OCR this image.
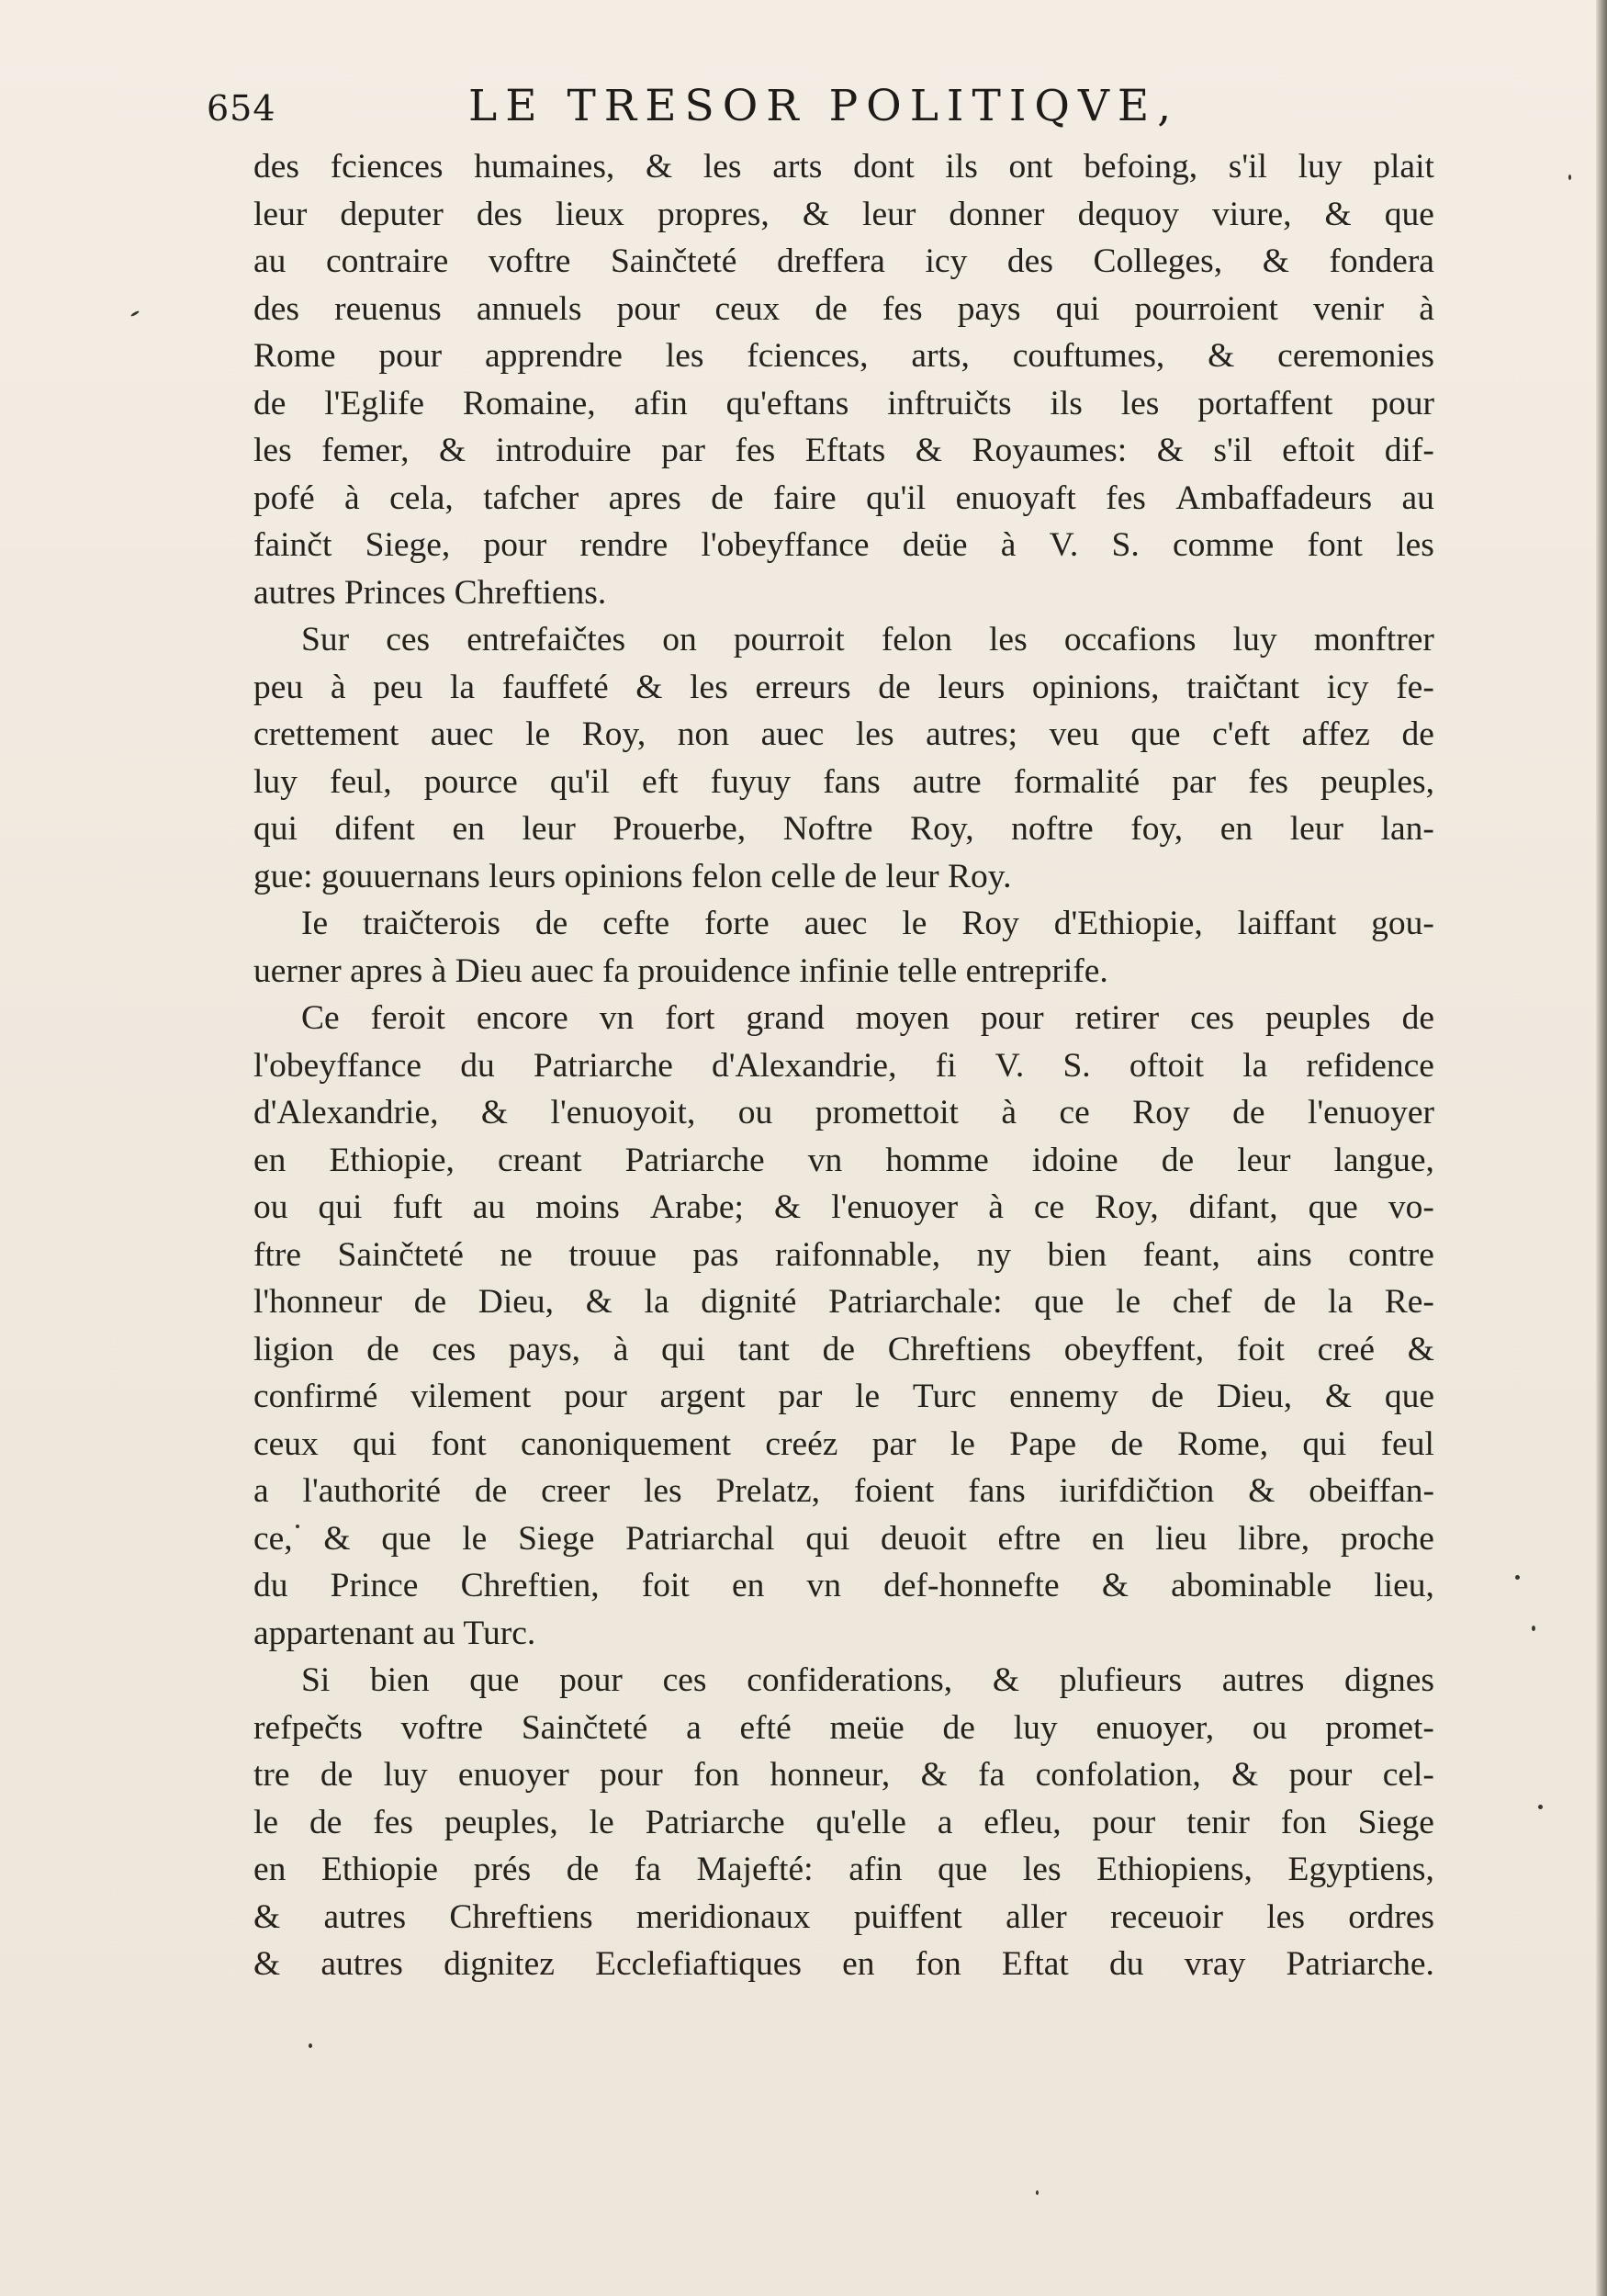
654	LE TRESOR POLITIQVE,
des fciences humaines, & les arts dont ils ont befoing, s'il luy plait
leur deputer des lieux propres, & leur donner dequoy viure, & que
au contraire voftre Sainčteté dreffera icy des Colleges, & fondera
des reuenus annuels pour ceux de fes pays qui pourroient venir à
Rome pour apprendre les fciences, arts, couftumes, & ceremonies
de l'Eglife Romaine, afin qu'eftans inftruičts ils les portaffent pour
les femer, & introduire par fes Eftats & Royaumes: & s'il eftoit dif-
pofé à cela, tafcher apres de faire qu'il enuoyaft fes Ambaffadeurs au
fainčt Siege, pour rendre l'obeyffance deüe à V. S. comme font les
autres Princes Chreftiens.
Sur ces entrefaičtes on pourroit felon les occafions luy monftrer
peu à peu la fauffeté & les erreurs de leurs opinions, traičtant icy fe-
crettement auec le Roy, non auec les autres; veu que c'eft affez de
luy feul, pource qu'il eft fuyuy fans autre formalité par fes peuples,
qui difent en leur Prouerbe, Noftre Roy, noftre foy, en leur lan-
gue: gouuernans leurs opinions felon celle de leur Roy.
Ie traičterois de cefte forte auec le Roy d'Ethiopie, laiffant gou-
uerner apres à Dieu auec fa prouidence infinie telle entreprife.
Ce feroit encore vn fort grand moyen pour retirer ces peuples de
l'obeyffance du Patriarche d'Alexandrie, fi V. S. oftoit la refidence
d'Alexandrie, & l'enuoyoit, ou promettoit à ce Roy de l'enuoyer
en Ethiopie, creant Patriarche vn homme idoine de leur langue,
ou qui fuft au moins Arabe; & l'enuoyer à ce Roy, difant, que vo-
ftre Sainčteté ne trouue pas raifonnable, ny bien feant, ains contre
l'honneur de Dieu, & la dignité Patriarchale: que le chef de la Re-
ligion de ces pays, à qui tant de Chreftiens obeyffent, foit creé &
confirmé vilement pour argent par le Turc ennemy de Dieu, & que
ceux qui font canoniquement creéz par le Pape de Rome, qui feul
a l'authorité de creer les Prelatz, foient fans iurifdičtion & obeiffan-
ce, & que le Siege Patriarchal qui deuoit eftre en lieu libre, proche
du Prince Chreftien, foit en vn def-honnefte & abominable lieu,
appartenant au Turc.
Si bien que pour ces confiderations, & plufieurs autres dignes
refpečts voftre Sainčteté a efté meüe de luy enuoyer, ou promet-
tre de luy enuoyer pour fon honneur, & fa confolation, & pour cel-
le de fes peuples, le Patriarche qu'elle a efleu, pour tenir fon Siege
en Ethiopie prés de fa Majefté: afin que les Ethiopiens, Egyptiens,
& autres Chreftiens meridionaux puiffent aller receuoir les ordres
& autres dignitez Ecclefiaftiques en fon Eftat du vray Patriarche.
